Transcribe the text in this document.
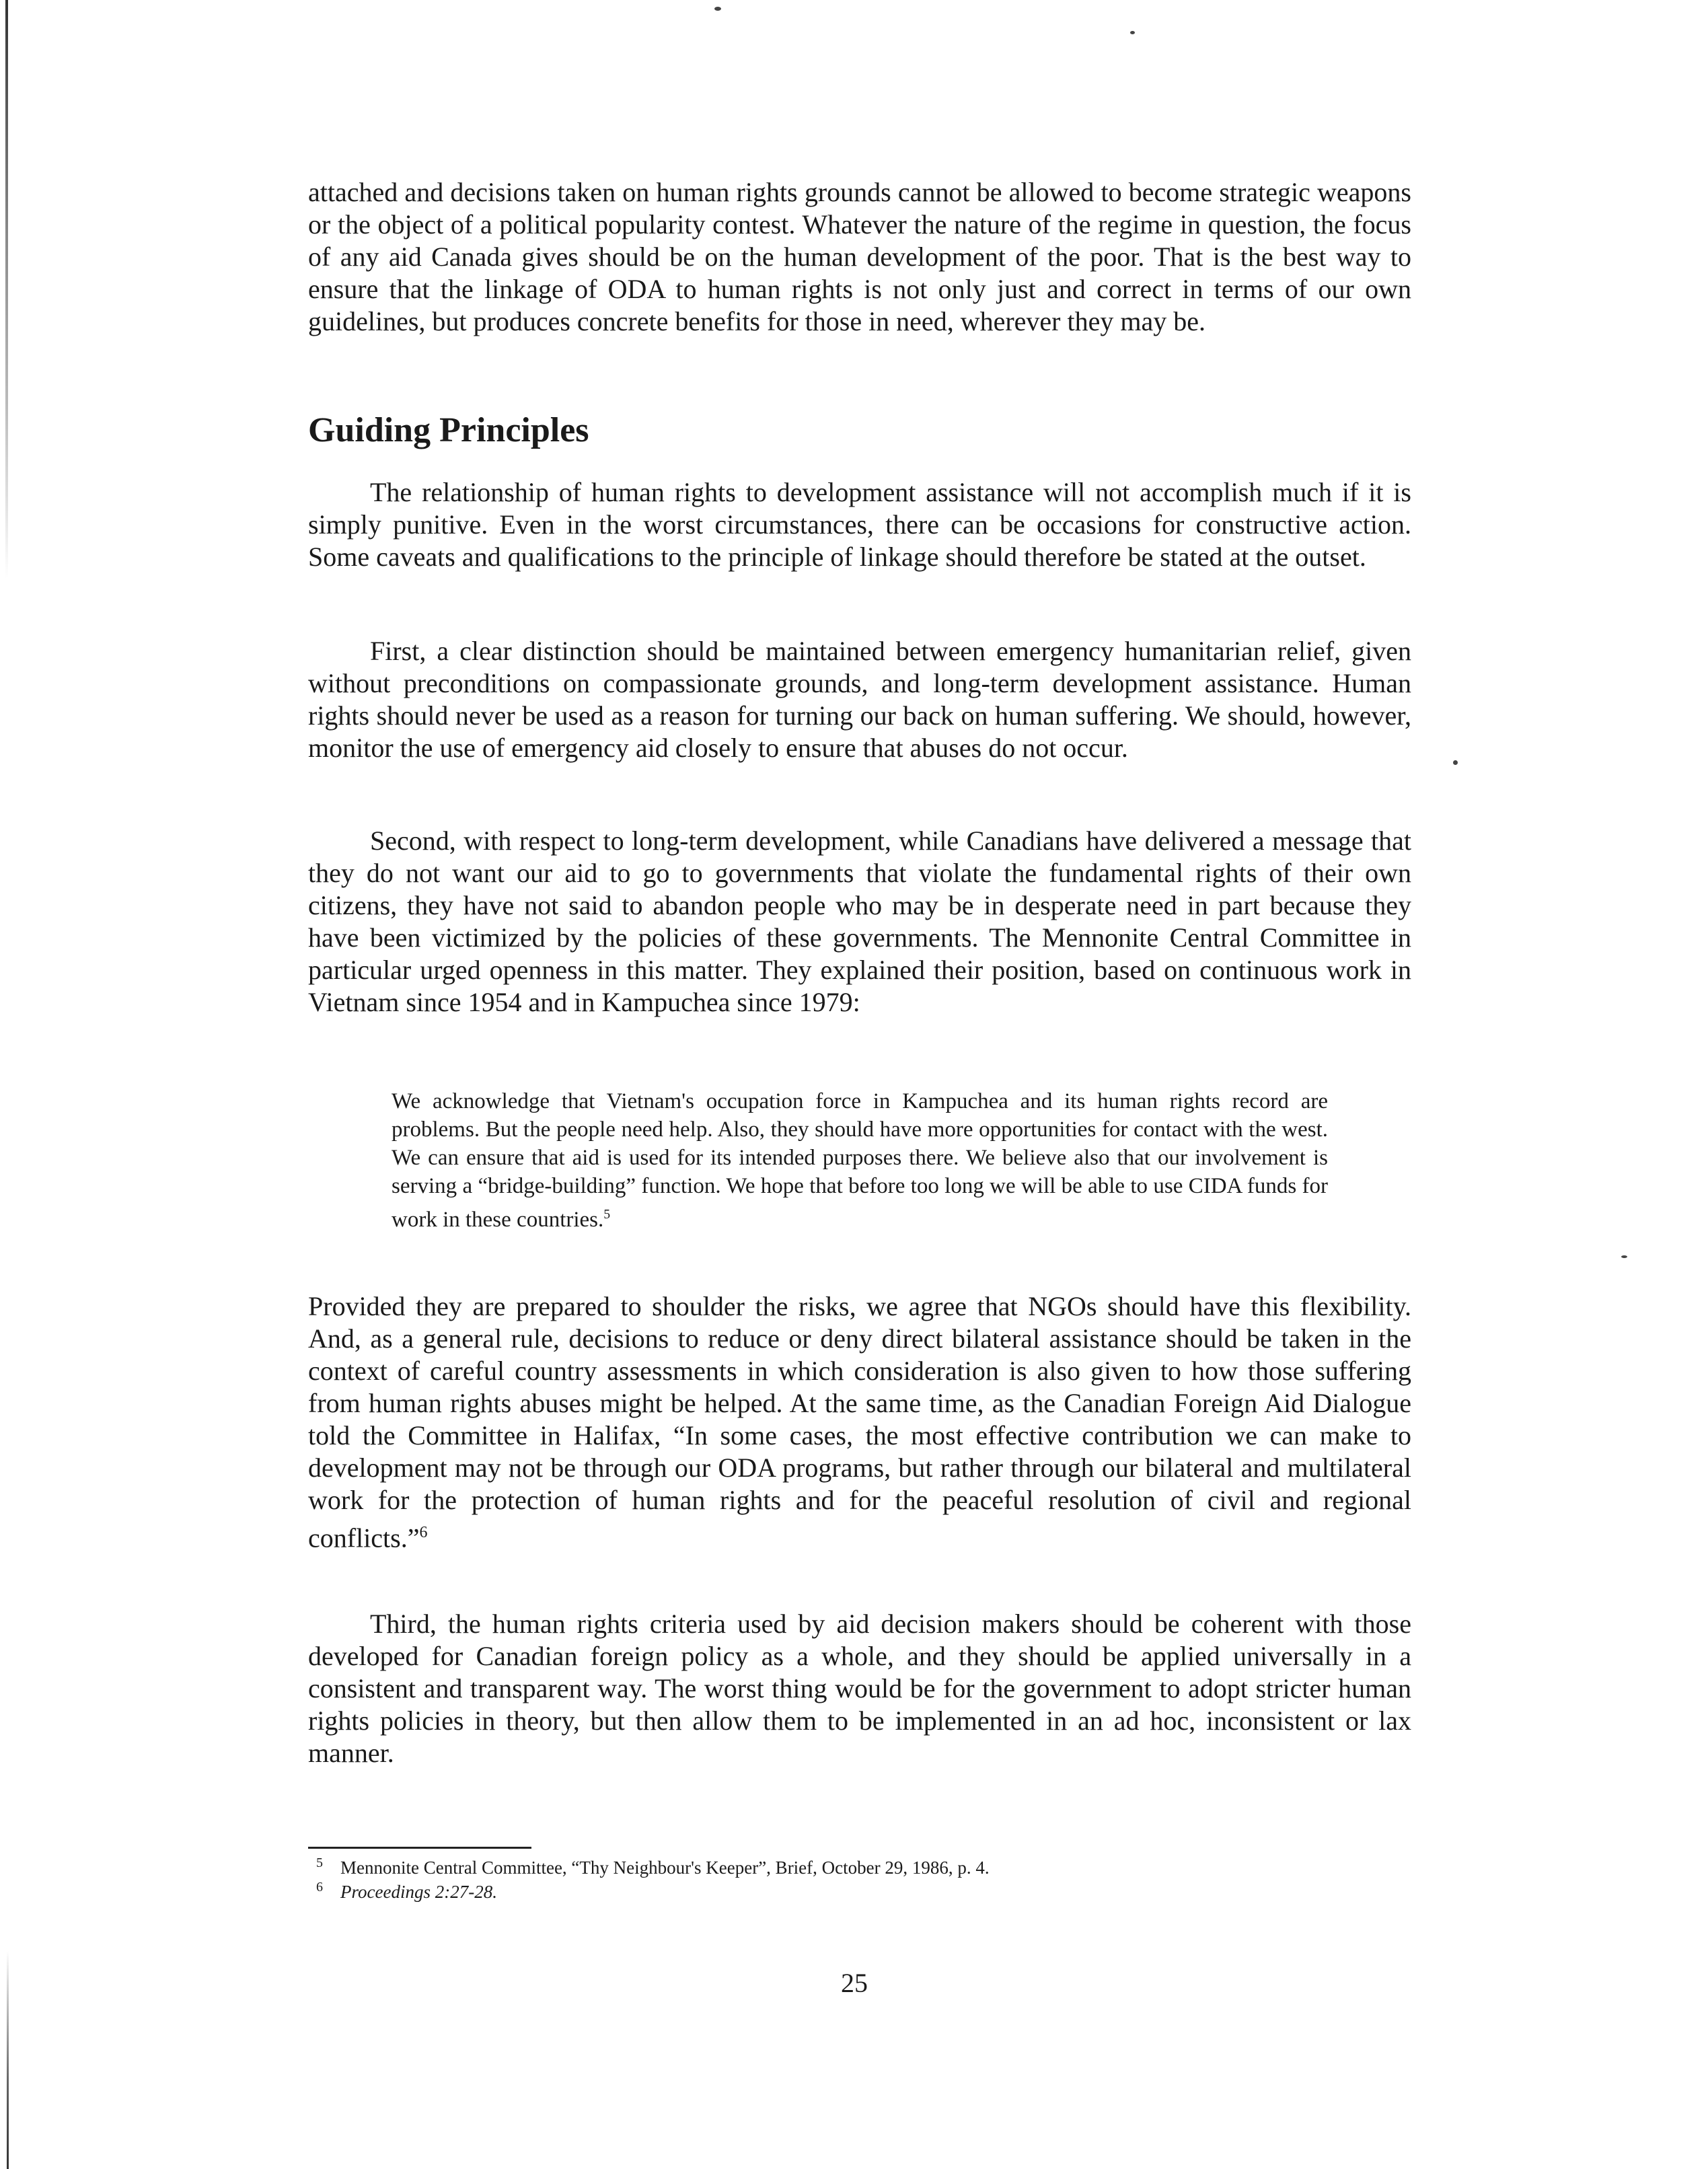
attached and decisions taken on human rights grounds cannot be allowed to become strategic weapons or the object of a political popularity contest. Whatever the nature of the regime in question, the focus of any aid Canada gives should be on the human development of the poor. That is the best way to ensure that the linkage of ODA to human rights is not only just and correct in terms of our own guidelines, but produces concrete benefits for those in need, wherever they may be.

Guiding Principles

The relationship of human rights to development assistance will not accomplish much if it is simply punitive. Even in the worst circumstances, there can be occasions for constructive action. Some caveats and qualifications to the principle of linkage should therefore be stated at the outset.

First, a clear distinction should be maintained between emergency humanitarian relief, given without preconditions on compassionate grounds, and long-term development assistance. Human rights should never be used as a reason for turning our back on human suffering. We should, however, monitor the use of emergency aid closely to ensure that abuses do not occur.

Second, with respect to long-term development, while Canadians have delivered a message that they do not want our aid to go to governments that violate the fundamental rights of their own citizens, they have not said to abandon people who may be in desperate need in part because they have been victimized by the policies of these governments. The Mennonite Central Committee in particular urged openness in this matter. They explained their position, based on continuous work in Vietnam since 1954 and in Kampuchea since 1979:

We acknowledge that Vietnam's occupation force in Kampuchea and its human rights record are problems. But the people need help. Also, they should have more opportunities for contact with the west. We can ensure that aid is used for its intended purposes there. We believe also that our involvement is serving a “bridge-building” function. We hope that before too long we will be able to use CIDA funds for work in these countries.$^5$

Provided they are prepared to shoulder the risks, we agree that NGOs should have this flexibility. And, as a general rule, decisions to reduce or deny direct bilateral assistance should be taken in the context of careful country assessments in which consideration is also given to how those suffering from human rights abuses might be helped. At the same time, as the Canadian Foreign Aid Dialogue told the Committee in Halifax, “In some cases, the most effective contribution we can make to development may not be through our ODA programs, but rather through our bilateral and multilateral work for the protection of human rights and for the peaceful resolution of civil and regional conflicts.”$^6$

Third, the human rights criteria used by aid decision makers should be coherent with those developed for Canadian foreign policy as a whole, and they should be applied universally in a consistent and transparent way. The worst thing would be for the government to adopt stricter human rights policies in theory, but then allow them to be implemented in an ad hoc, inconsistent or lax manner.

5 Mennonite Central Committee, “Thy Neighbour's Keeper”, Brief, October 29, 1986, p. 4.

6 Proceedings 2:27-28.

25
